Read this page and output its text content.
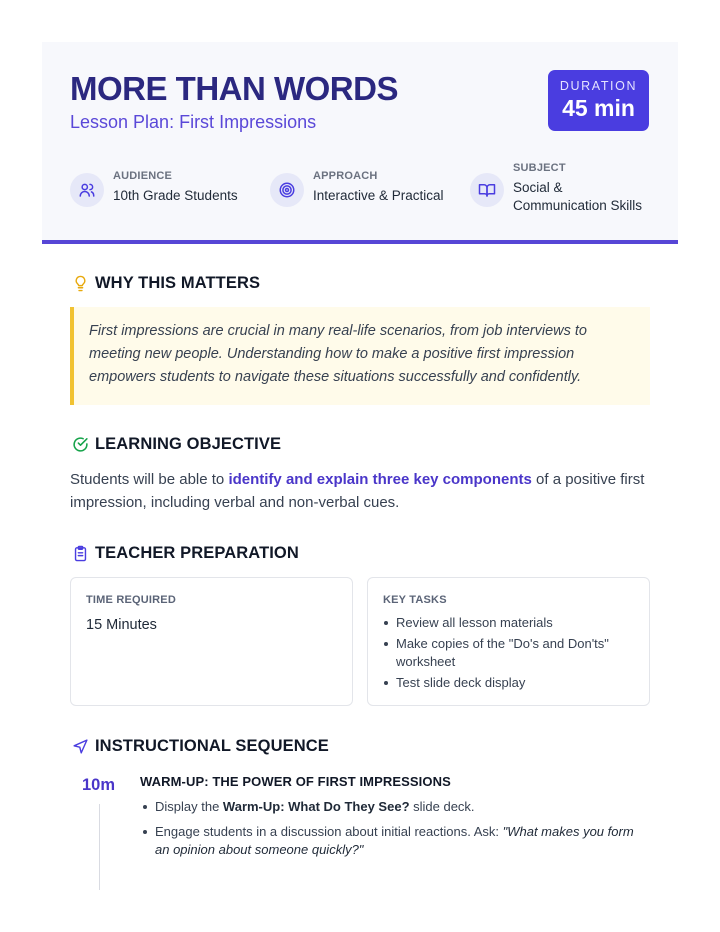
MORE THAN WORDS
Lesson Plan: First Impressions
DURATION
45 min
AUDIENCE
10th Grade Students
APPROACH
Interactive & Practical
SUBJECT
Social & Communication Skills
WHY THIS MATTERS

First impressions are crucial in many real-life scenarios, from job interviews to meeting new people. Understanding how to make a positive first impression empowers students to navigate these situations successfully and confidently.

LEARNING OBJECTIVE
Students will be able to identify and explain three key components of a positive first impression, including verbal and non-verbal cues.
TEACHER PREPARATION
TIME REQUIRED
15 Minutes
KEY TASKS
Review all lesson materials
Make copies of the "Do's and Don'ts" worksheet
Test slide deck display
INSTRUCTIONAL SEQUENCE
10m WARM-UP: THE POWER OF FIRST IMPRESSIONS
Display the Warm-Up: What Do They See? slide deck.
Engage students in a discussion about initial reactions. Ask: "What makes you form an opinion about someone quickly?"
